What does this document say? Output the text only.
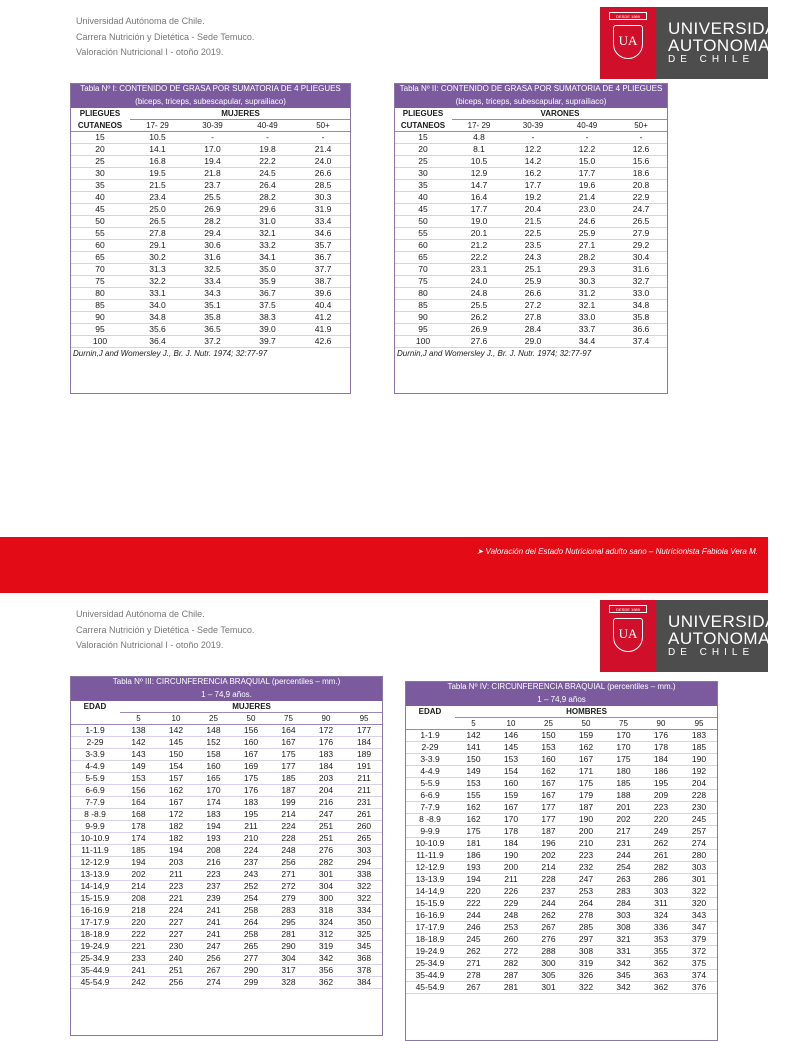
Universidad Autónoma de Chile.
Carrera Nutrición y Dietética - Sede Temuco.
Valoración Nutricional I - otoño 2019.
DESDE 1989
UA
UNIVERSIDAD
AUTONOMA
DE CHILE
Tabla Nº I: CONTENIDO DE GRASA POR SUMATORIA DE 4 PLIEGUES				
(biceps, triceps, subescapular, suprailiaco)				
PLIEGUES	MUJERES			
CUTANEOS	17- 29	30-39	40-49	50+
15	10.5	-	-	-
20	14.1	17.0	19.8	21.4
25	16.8	19.4	22.2	24.0
30	19.5	21.8	24.5	26.6
35	21.5	23.7	26.4	28.5
40	23.4	25.5	28.2	30.3
45	25.0	26.9	29.6	31.9
50	26.5	28.2	31.0	33.4
55	27.8	29.4	32.1	34.6
60	29.1	30.6	33.2	35.7
65	30.2	31.6	34.1	36.7
70	31.3	32.5	35.0	37.7
75	32.2	33.4	35.9	38.7
80	33.1	34.3	36.7	39.6
85	34.0	35.1	37.5	40.4
90	34.8	35.8	38.3	41.2
95	35.6	36.5	39.0	41.9
100	36.4	37.2	39.7	42.6
Durnin,J and Womersley J., Br. J. Nutr. 1974; 32:77-97				
Tabla Nº II: CONTENIDO DE GRASA POR SUMATORIA DE 4 PLIEGUES				
(biceps, triceps, subescapular, suprailiaco)				
PLIEGUES	VARONES			
CUTANEOS	17- 29	30-39	40-49	50+
15	4.8	-	-	-
20	8.1	12.2	12.2	12.6
25	10.5	14.2	15.0	15.6
30	12.9	16.2	17.7	18.6
35	14.7	17.7	19.6	20.8
40	16.4	19.2	21.4	22.9
45	17.7	20.4	23.0	24.7
50	19.0	21.5	24.6	26.5
55	20.1	22.5	25.9	27.9
60	21.2	23.5	27.1	29.2
65	22.2	24.3	28.2	30.4
70	23.1	25.1	29.3	31.6
75	24.0	25.9	30.3	32.7
80	24.8	26.6	31.2	33.0
85	25.5	27.2	32.1	34.8
90	26.2	27.8	33.0	35.8
95	26.9	28.4	33.7	36.6
100	27.6	29.0	34.4	37.4
Durnin,J and Womersley J., Br. J. Nutr. 1974; 32:77-97				
➤ Valoración del Estado Nutricional adulto sano – Nutricionista Fabiola Vera M.
Universidad Autónoma de Chile.
Carrera Nutrición y Dietética - Sede Temuco.
Valoración Nutricional I - otoño 2019.
DESDE 1989
UA
UNIVERSIDAD
AUTONOMA
DE CHILE
Tabla Nº III: CIRCUNFERENCIA BRAQUIAL (percentiles – mm.)							
1 – 74,9 años.							
EDAD	MUJERES						
	5	10	25	50	75	90	95
1-1.9	138	142	148	156	164	172	177
2-29	142	145	152	160	167	176	184
3-3.9	143	150	158	167	175	183	189
4-4.9	149	154	160	169	177	184	191
5-5.9	153	157	165	175	185	203	211
6-6.9	156	162	170	176	187	204	211
7-7.9	164	167	174	183	199	216	231
8 -8.9	168	172	183	195	214	247	261
9-9.9	178	182	194	211	224	251	260
10-10.9	174	182	193	210	228	251	265
11-11.9	185	194	208	224	248	276	303
12-12.9	194	203	216	237	256	282	294
13-13.9	202	211	223	243	271	301	338
14-14,9	214	223	237	252	272	304	322
15-15.9	208	221	239	254	279	300	322
16-16.9	218	224	241	258	283	318	334
17-17.9	220	227	241	264	295	324	350
18-18.9	222	227	241	258	281	312	325
19-24.9	221	230	247	265	290	319	345
25-34.9	233	240	256	277	304	342	368
35-44.9	241	251	267	290	317	356	378
45-54.9	242	256	274	299	328	362	384
Tabla Nº IV: CIRCUNFERENCIA BRAQUIAL (percentiles – mm.)							
1 – 74,9 años							
EDAD	HOMBRES						
	5	10	25	50	75	90	95
1-1.9	142	146	150	159	170	176	183
2-29	141	145	153	162	170	178	185
3-3.9	150	153	160	167	175	184	190
4-4.9	149	154	162	171	180	186	192
5-5.9	153	160	167	175	185	195	204
6-6.9	155	159	167	179	188	209	228
7-7.9	162	167	177	187	201	223	230
8 -8.9	162	170	177	190	202	220	245
9-9.9	175	178	187	200	217	249	257
10-10.9	181	184	196	210	231	262	274
11-11.9	186	190	202	223	244	261	280
12-12.9	193	200	214	232	254	282	303
13-13.9	194	211	228	247	263	286	301
14-14,9	220	226	237	253	283	303	322
15-15.9	222	229	244	264	284	311	320
16-16.9	244	248	262	278	303	324	343
17-17.9	246	253	267	285	308	336	347
18-18.9	245	260	276	297	321	353	379
19-24.9	262	272	288	308	331	355	372
25-34.9	271	282	300	319	342	362	375
35-44.9	278	287	305	326	345	363	374
45-54.9	267	281	301	322	342	362	376
